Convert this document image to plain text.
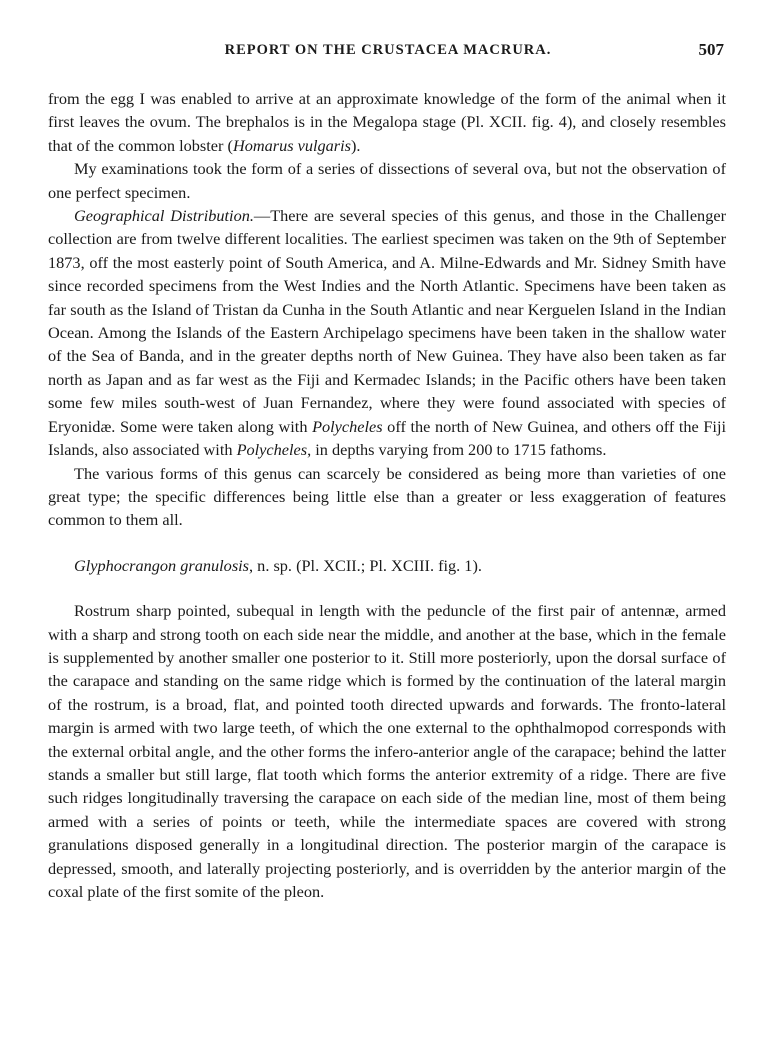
REPORT ON THE CRUSTACEA MACRURA.	507

from the egg I was enabled to arrive at an approximate knowledge of the form of the animal when it first leaves the ovum. The brephalos is in the Megalopa stage (Pl. XCII. fig. 4), and closely resembles that of the common lobster (Homarus vulgaris).

My examinations took the form of a series of dissections of several ova, but not the observation of one perfect specimen.

Geographical Distribution.—There are several species of this genus, and those in the Challenger collection are from twelve different localities. The earliest specimen was taken on the 9th of September 1873, off the most easterly point of South America, and A. Milne-Edwards and Mr. Sidney Smith have since recorded specimens from the West Indies and the North Atlantic. Specimens have been taken as far south as the Island of Tristan da Cunha in the South Atlantic and near Kerguelen Island in the Indian Ocean. Among the Islands of the Eastern Archipelago specimens have been taken in the shallow water of the Sea of Banda, and in the greater depths north of New Guinea. They have also been taken as far north as Japan and as far west as the Fiji and Kermadec Islands; in the Pacific others have been taken some few miles south-west of Juan Fernandez, where they were found associated with species of Eryonidæ. Some were taken along with Polycheles off the north of New Guinea, and others off the Fiji Islands, also associated with Polycheles, in depths varying from 200 to 1715 fathoms.

The various forms of this genus can scarcely be considered as being more than varieties of one great type; the specific differences being little else than a greater or less exaggeration of features common to them all.

Glyphocrangon granulosis, n. sp. (Pl. XCII.; Pl. XCIII. fig. 1).

Rostrum sharp pointed, subequal in length with the peduncle of the first pair of antennæ, armed with a sharp and strong tooth on each side near the middle, and another at the base, which in the female is supplemented by another smaller one posterior to it. Still more posteriorly, upon the dorsal surface of the carapace and standing on the same ridge which is formed by the continuation of the lateral margin of the rostrum, is a broad, flat, and pointed tooth directed upwards and forwards. The fronto-lateral margin is armed with two large teeth, of which the one external to the ophthalmopod corresponds with the external orbital angle, and the other forms the infero-anterior angle of the carapace; behind the latter stands a smaller but still large, flat tooth which forms the anterior extremity of a ridge. There are five such ridges longitudinally traversing the carapace on each side of the median line, most of them being armed with a series of points or teeth, while the intermediate spaces are covered with strong granulations disposed generally in a longitudinal direction. The posterior margin of the carapace is depressed, smooth, and laterally projecting posteriorly, and is overridden by the anterior margin of the coxal plate of the first somite of the pleon.
